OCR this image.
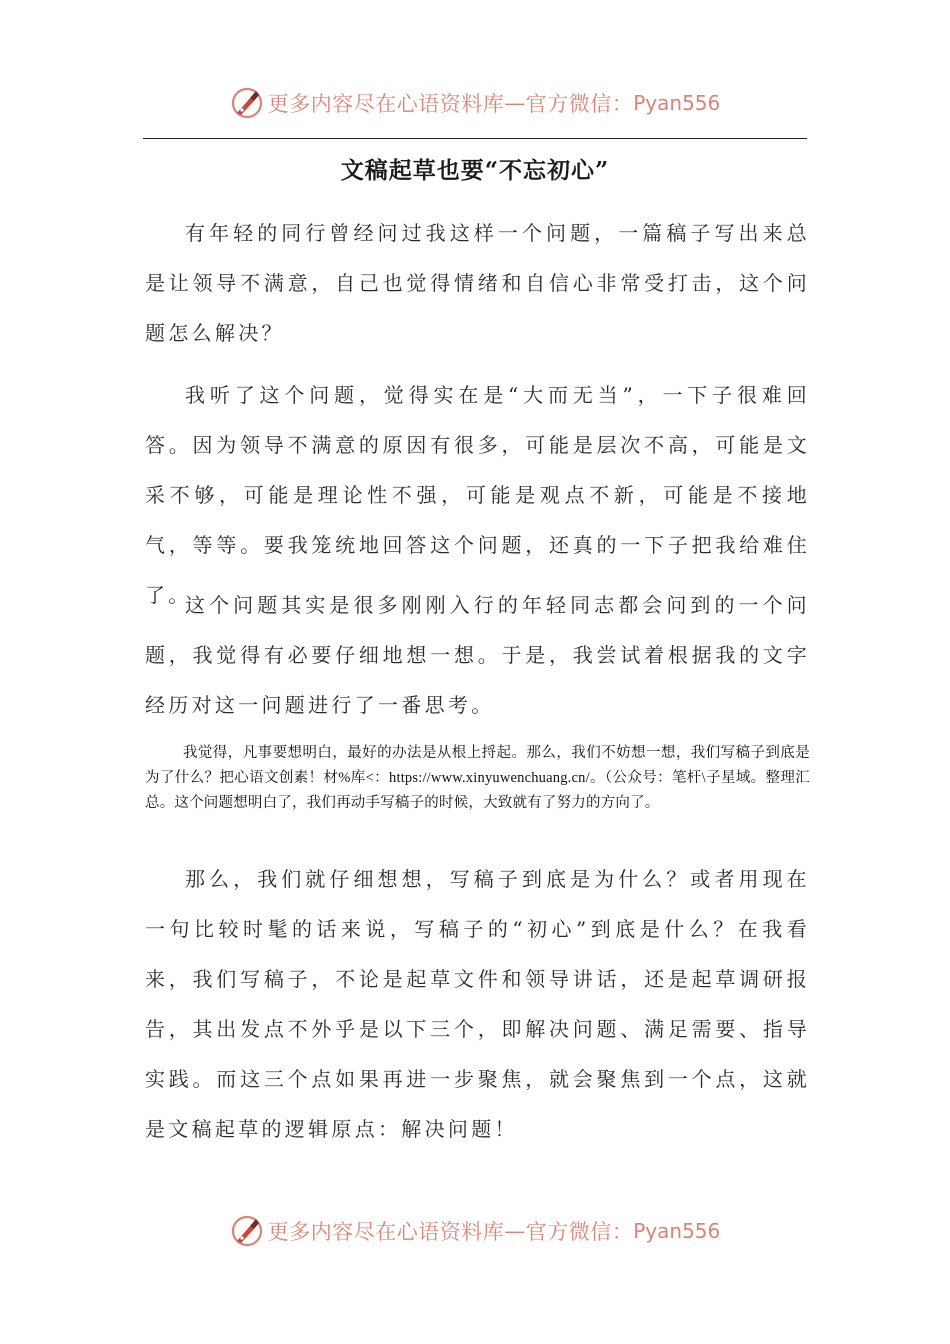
更多内容尽在心语资料库 — 官方微信： Pyan556
文稿起草也要“不忘初心”

有年轻的同行曾经问过我这样一个问题，一篇稿子写出来总是让领导不满意，自己也觉得情绪和自信心非常受打击，这个问题怎么解决？

我听了这个问题，觉得实在是“大而无当”，一下子很难回答。因为领导不满意的原因有很多，可能是层次不高，可能是文采不够，可能是理论性不强，可能是观点不新，可能是不接地气，等等。要我笼统地回答这个问题，还真的一下子把我给难住了。

这个问题其实是很多刚刚入行的年轻同志都会问到的一个问题，我觉得有必要仔细地想一想。于是，我尝试着根据我的文字经历对这一问题进行了一番思考。

我觉得，凡事要想明白，最好的办法是从根上捋起。那么，我们不妨想一想，我们写稿子到底是为了什么？把心语文创素！材%库<：https://www.xinyuwenchuang.cn/。（公众号：笔杆\子星域。整理汇总。这个问题想明白了，我们再动手写稿子的时候，大致就有了努力的方向了。

那么，我们就仔细想想，写稿子到底是为什么？或者用现在一句比较时髦的话来说，写稿子的“初心”到底是什么？在我看来，我们写稿子，不论是起草文件和领导讲话，还是起草调研报告，其出发点不外乎是以下三个，即解决问题、满足需要、指导实践。而这三个点如果再进一步聚焦，就会聚焦到一个点，这就是文稿起草的逻辑原点：解决问题！

更多内容尽在心语资料库 — 官方微信： Pyan556
